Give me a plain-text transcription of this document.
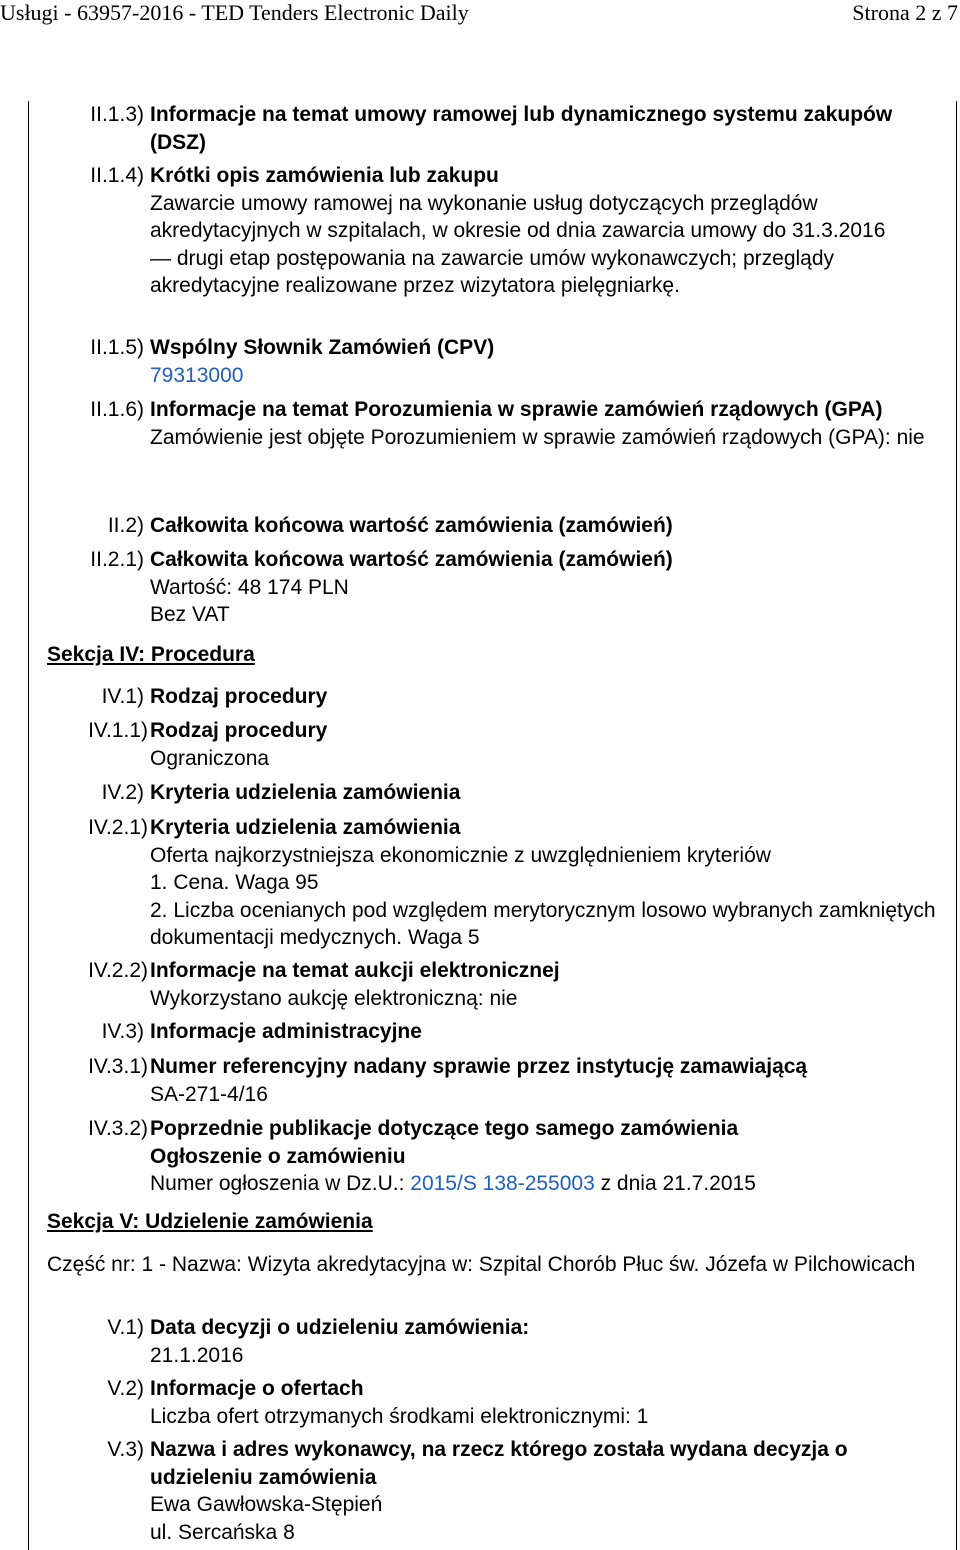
Usługi - 63957-2016 - TED Tenders Electronic Daily	Strona 2 z 7
II.1.3) Informacje na temat umowy ramowej lub dynamicznego systemu zakupów (DSZ)
II.1.4) Krótki opis zamówienia lub zakupu
Zawarcie umowy ramowej na wykonanie usług dotyczących przeglądów akredytacyjnych w szpitalach, w okresie od dnia zawarcia umowy do 31.3.2016
— drugi etap postępowania na zawarcie umów wykonawczych; przeglądy akredytacyjne realizowane przez wizytatora pielęgniarkę.
II.1.5) Wspólny Słownik Zamówień (CPV)
79313000
II.1.6) Informacje na temat Porozumienia w sprawie zamówień rządowych (GPA)
Zamówienie jest objęte Porozumieniem w sprawie zamówień rządowych (GPA): nie
II.2) Całkowita końcowa wartość zamówienia (zamówień)
II.2.1) Całkowita końcowa wartość zamówienia (zamówień)
Wartość: 48 174 PLN
Bez VAT
Sekcja IV: Procedura
IV.1) Rodzaj procedury
IV.1.1) Rodzaj procedury
Ograniczona
IV.2) Kryteria udzielenia zamówienia
IV.2.1) Kryteria udzielenia zamówienia
Oferta najkorzystniejsza ekonomicznie z uwzględnieniem kryteriów
1. Cena. Waga 95
2. Liczba ocenianych pod względem merytorycznym losowo wybranych zamkniętych dokumentacji medycznych. Waga 5
IV.2.2) Informacje na temat aukcji elektronicznej
Wykorzystano aukcję elektroniczną: nie
IV.3) Informacje administracyjne
IV.3.1) Numer referencyjny nadany sprawie przez instytucję zamawiającą
SA-271-4/16
IV.3.2) Poprzednie publikacje dotyczące tego samego zamówienia
Ogłoszenie o zamówieniu
Numer ogłoszenia w Dz.U.: 2015/S 138-255003 z dnia 21.7.2015
Sekcja V: Udzielenie zamówienia
Część nr: 1 - Nazwa: Wizyta akredytacyjna w: Szpital Chorób Płuc św. Józefa w Pilchowicach
V.1) Data decyzji o udzieleniu zamówienia:
21.1.2016
V.2) Informacje o ofertach
Liczba ofert otrzymanych środkami elektronicznymi: 1
V.3) Nazwa i adres wykonawcy, na rzecz którego została wydana decyzja o udzieleniu zamówienia
Ewa Gawłowska-Stępień
ul. Sercańska 8
